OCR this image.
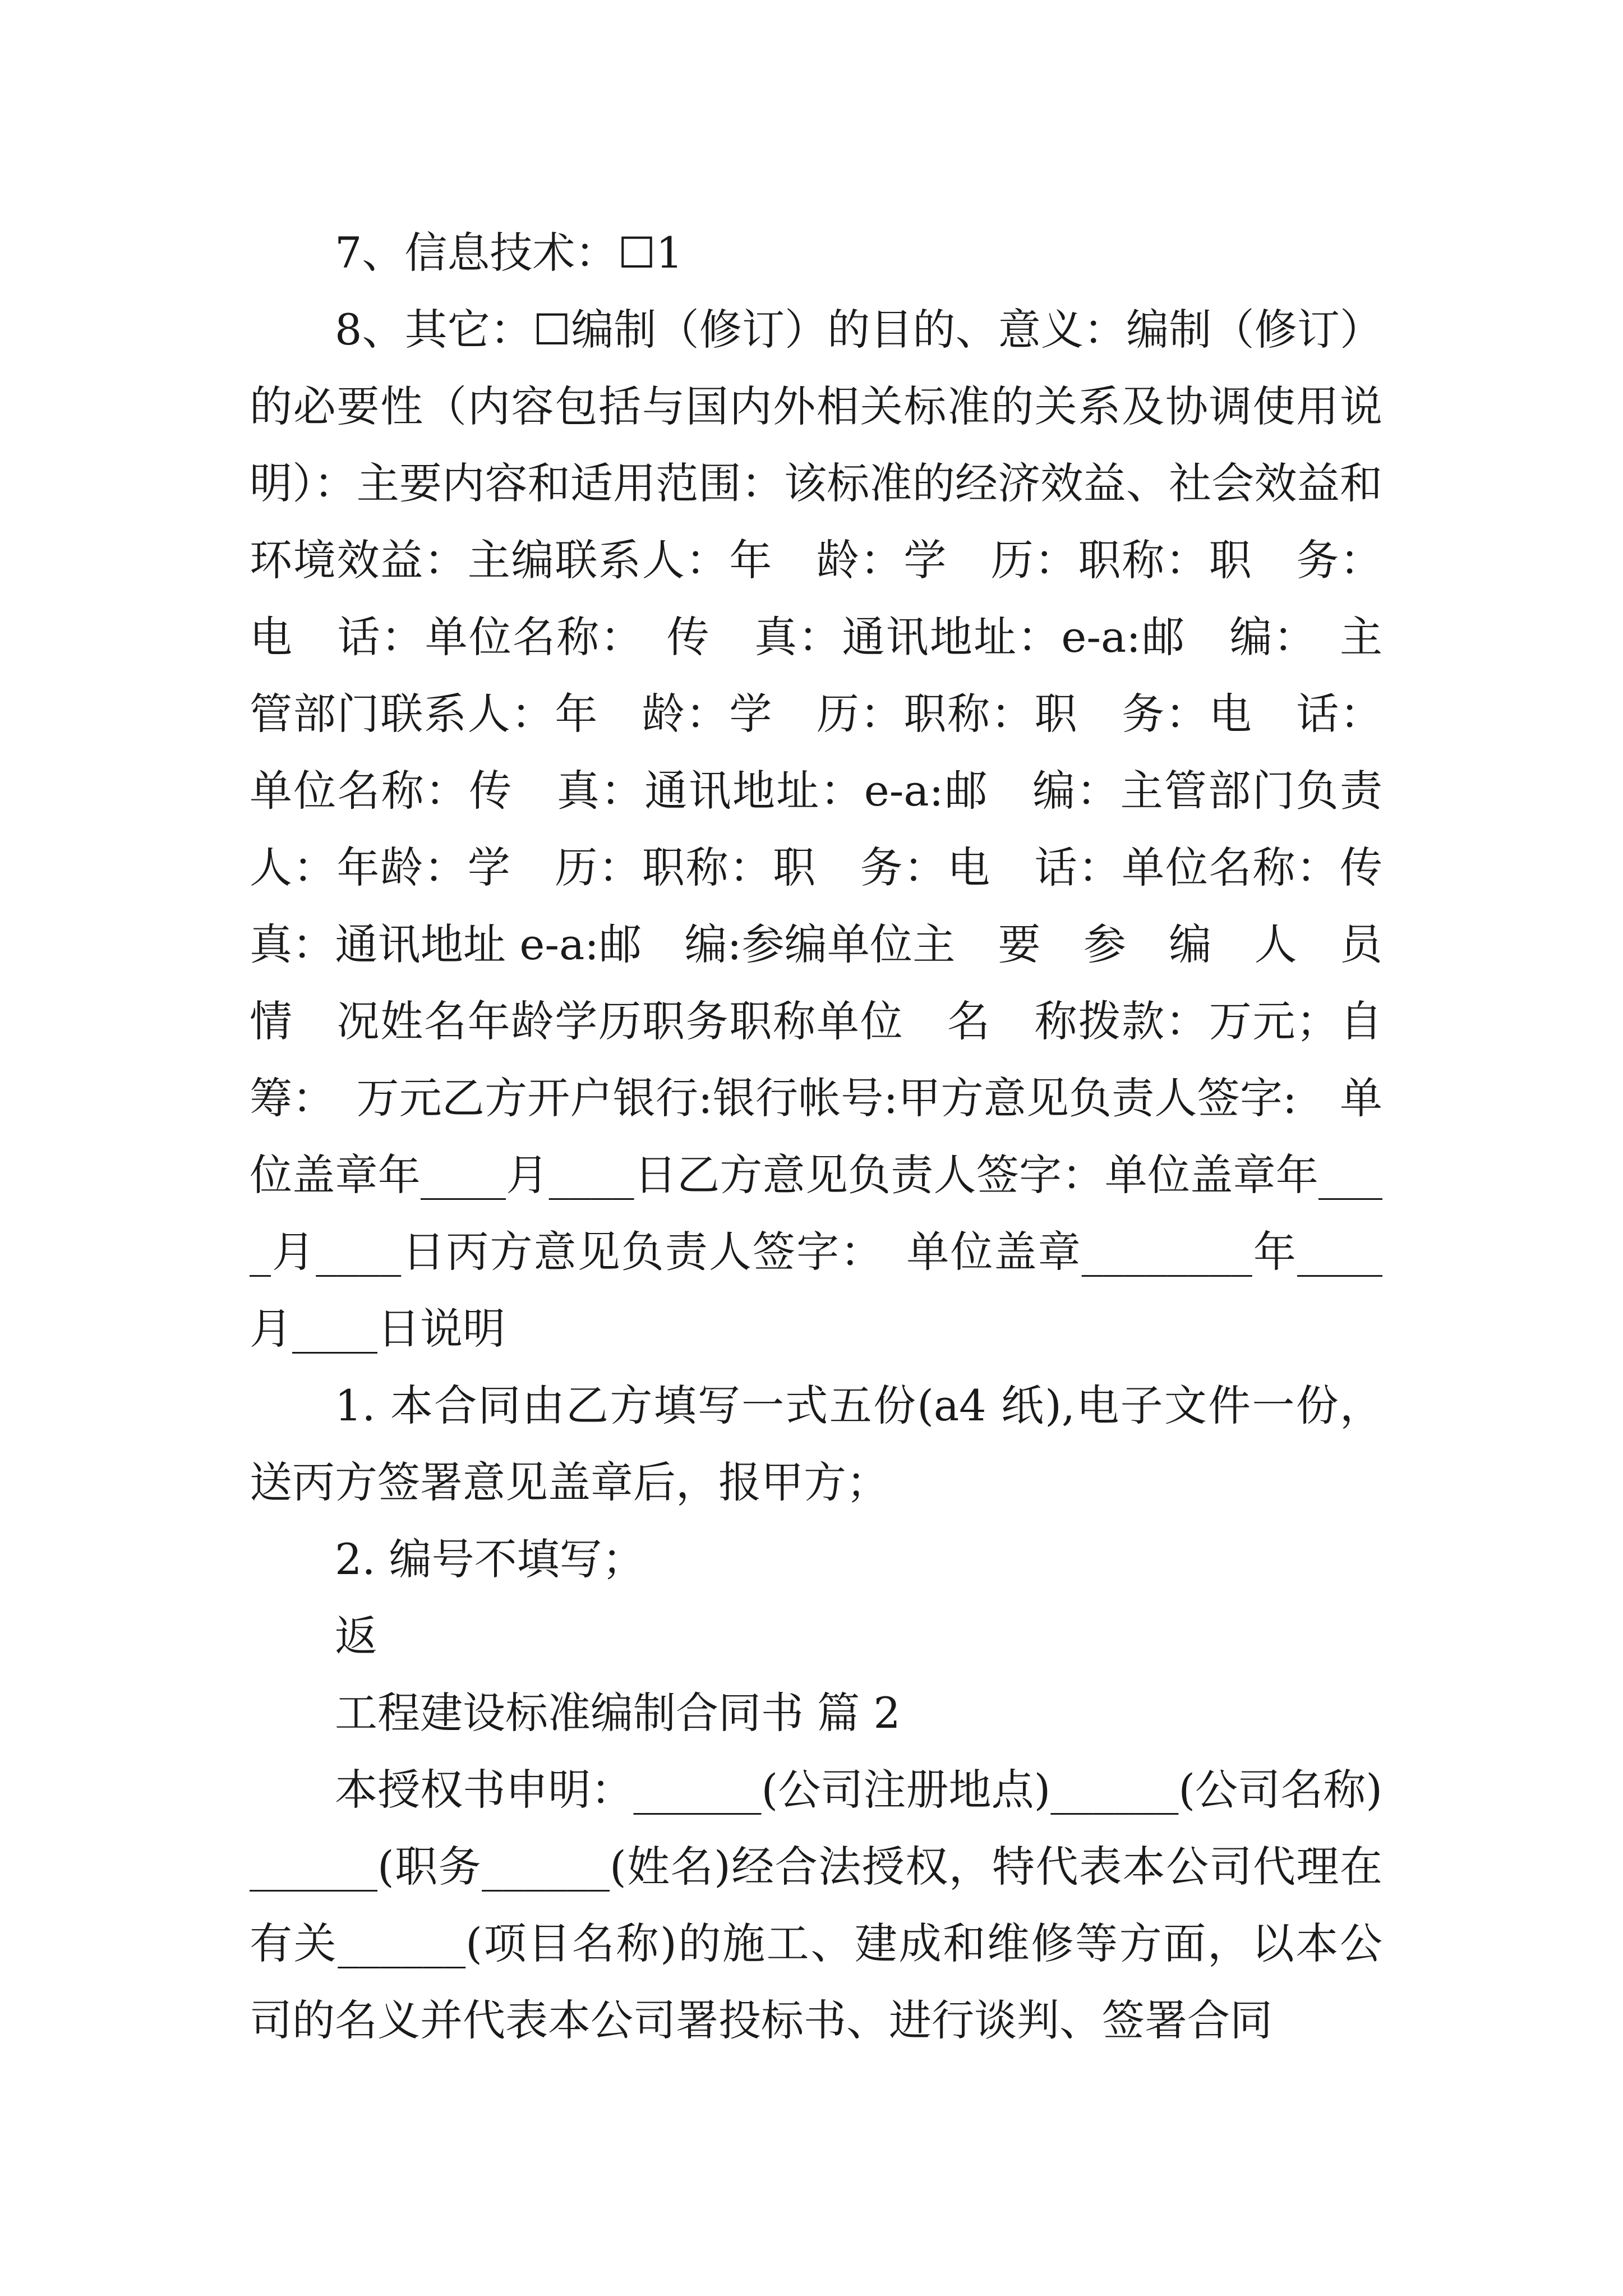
7、信息技术：☐1

8、其它：☐编制（修订）的目的、意义：编制（修订）的必要性（内容包括与国内外相关标准的关系及协调使用说明）：主要内容和适用范围：该标准的经济效益、社会效益和环境效益：主编联系人：年　龄：学　历：职称：职　务：电　话：单位名称：　传　真：通讯地址：e-a:邮　编：　主管部门联系人：年　龄：学　历：职称：职　务：电　话：单位名称：传　真：通讯地址：e-a:邮　编：主管部门负责人：年龄：学　历：职称：职　务：电　话：单位名称：传　真：通讯地址 e-a:邮　编:参编单位主　要　参　编　人　员　情　况姓名年龄学历职务职称单位　名　称拨款：万元；自筹：　万元乙方开户银行:银行帐号:甲方意见负责人签字:　单位盖章年____月____日乙方意见负责人签字：单位盖章年____月____日丙方意见负责人签字：　单位盖章________年____月____日说明

1. 本合同由乙方填写一式五份(a4 纸),电子文件一份，送丙方签署意见盖章后，报甲方；

2. 编号不填写；

返

工程建设标准编制合同书 篇 2

本授权书申明：______(公司注册地点)______(公司名称)______(职务______(姓名)经合法授权，特代表本公司代理在有关______(项目名称)的施工、建成和维修等方面，以本公司的名义并代表本公司署投标书、进行谈判、签署合同
